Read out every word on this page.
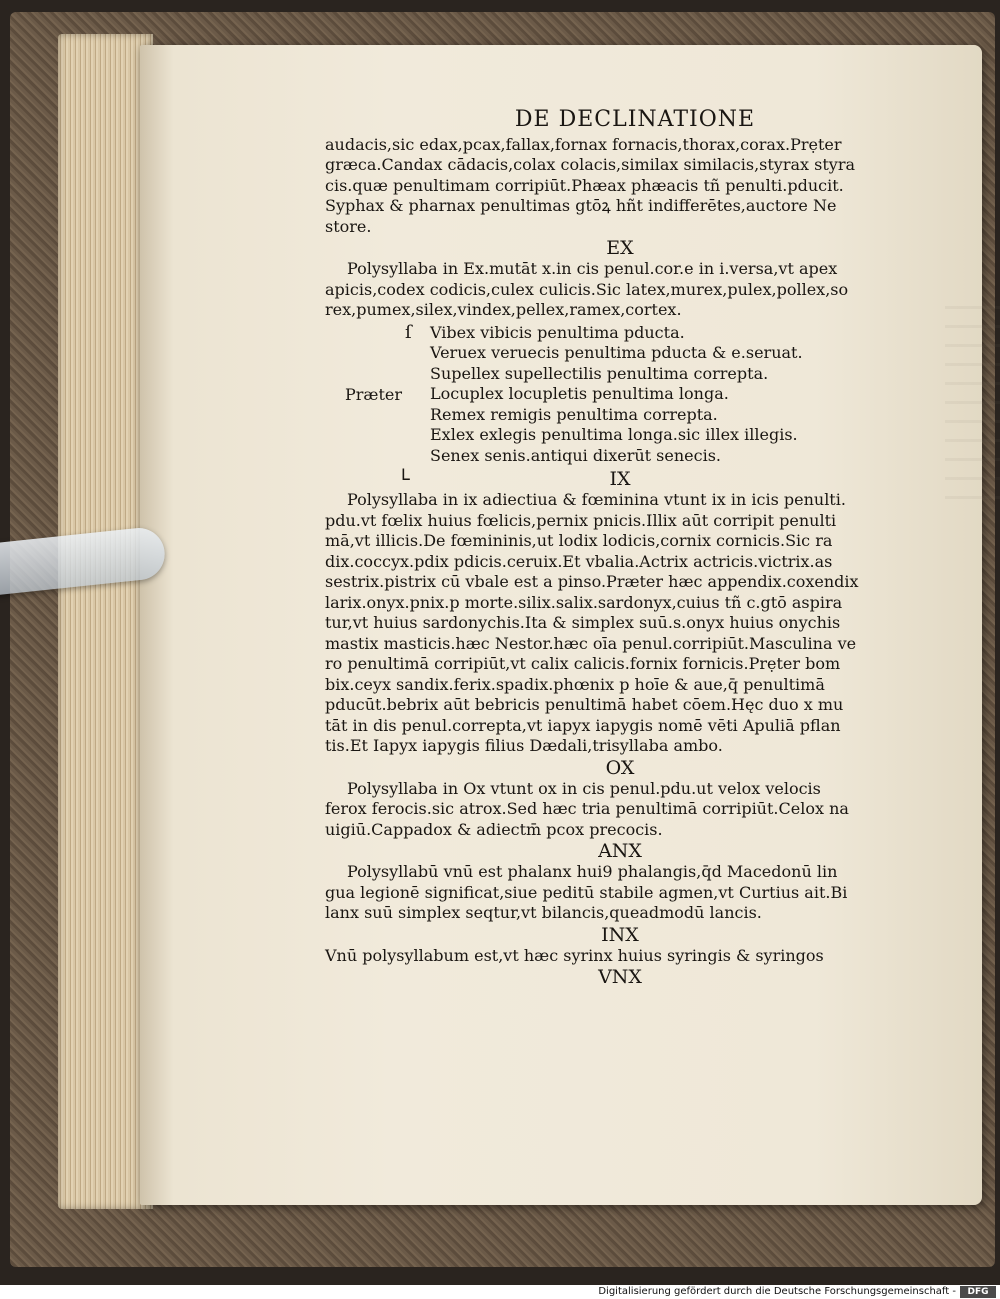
DE DECLINATIONE

audacis,sic edax,pcax,fallax,fornax fornacis,thorax,corax.Prẹter

græca.Candax cādacis,colax colacis,similax similacis,styrax styra

cis.quæ penultimam corripiūt.Phæax phæacis tñ penulti.pducit.

Syphax & pharnax penultimas gtōꝝ hñt indifferētes,auctore Ne

store.

EX

Polysyllaba in Ex.mutāt x.in cis penul.cor.e in i.versa,vt apex

apicis,codex codicis,culex culicis.Sic latex,murex,pulex,pollex,so

rex,pumex,silex,vindex,pellex,ramex,cortex.

ſ
Præter
ᒪ

Vibex vibicis penultima pducta.

Veruex veruecis penultima pducta & e.seruat.

Supellex supellectilis penultima correpta.

Locuplex locupletis penultima longa.

Remex remigis penultima correpta.

Exlex exlegis penultima longa.sic illex illegis.

Senex senis.antiqui dixerūt senecis.

IX

Polysyllaba in ix adiectiua & fœminina vtunt ix in icis penulti.

pdu.vt fœlix huius fœlicis,pernix pnicis.Illix aūt corripit penulti

mā,vt illicis.De fœmininis,ut lodix lodicis,cornix cornicis.Sic ra

dix.coccyx.pdix pdicis.ceruix.Et vbalia.Actrix actricis.victrix.as

sestrix.pistrix cū vbale est a pinso.Præter hæc appendix.coxendix

larix.onyx.pnix.p morte.silix.salix.sardonyx,cuius tñ c.gtō aspira

tur,vt huius sardonychis.Ita & simplex suū.s.onyx huius onychis

mastix masticis.hæc Nestor.hæc oīa penul.corripiūt.Masculina ve

ro penultimā corripiūt,vt calix calicis.fornix fornicis.Prẹter bom

bix.ceyx sandix.ferix.spadix.phœnix p hoīe & aue,q̄ penultimā

pducūt.bebrix aūt bebricis penultimā habet cōem.Hęc duo x mu

tāt in dis penul.correpta,vt iapyx iapygis nomē vēti Apuliā pflan

tis.Et Iapyx iapygis filius Dædali,trisyllaba ambo.

OX

Polysyllaba in Ox vtunt ox in cis penul.pdu.ut velox velocis

ferox ferocis.sic atrox.Sed hæc tria penultimā corripiūt.Celox na

uigiū.Cappadox & adiectm̄ pcox precocis.

ANX

Polysyllabū vnū est phalanx hui9 phalangis,q̄d Macedonū lin

gua legionē significat,siue peditū stabile agmen,vt Curtius ait.Bi

lanx suū simplex seqtur,vt bilancis,queadmodū lancis.

INX

Vnū polysyllabum est,vt hæc syrinx huius syringis & syringos

VNX

Digitalisierung gefördert durch die Deutsche Forschungsgemeinschaft -	DFG
